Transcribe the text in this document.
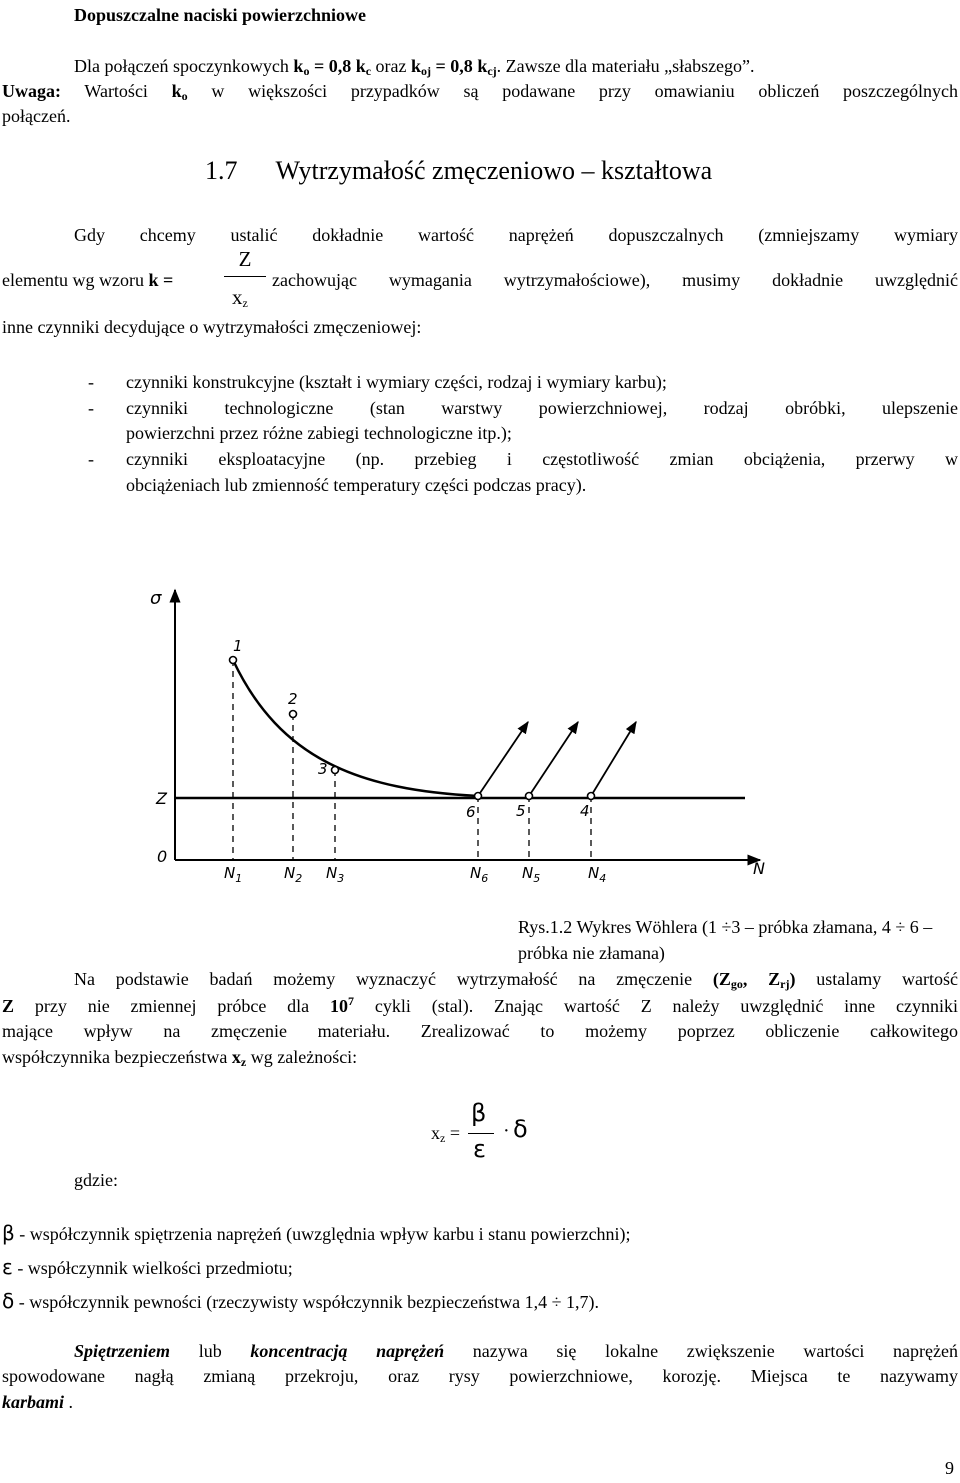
Dopuszczalne naciski powierzchniowe
Dla połączeń spoczynkowych $k_o = 0,8$ $k_c$ oraz $k_{oj} = 0,8$ $k_{cj}$. Zawsze dla materiału „słabszego”.
Uwaga: Wartości $k_o$ w większości przypadków są podawane przy omawianiu obliczeń poszczególnych
połączeń.
1.7 Wytrzymałość zmęczeniowo – kształtowa
Gdy chcemy ustalić dokładnie wartość naprężeń dopuszczalnych (zmniejszamy wymiary
elementu wg wzoru k =
Z
$x_z$
zachowując wymagania wytrzymałościowe), musimy dokładnie uwzględnić
inne czynniki decydujące o wytrzymałości zmęczeniowej:
- czynniki konstrukcyjne (kształt i wymiary części, rodzaj i wymiary karbu);
- czynniki technologiczne (stan warstwy powierzchniowej, rodzaj obróbki, ulepszenie
powierzchni przez różne zabiegi technologiczne itp.);
- czynniki eksploatacyjne (np. przebieg i częstotliwość zmian obciążenia, przerwy w
obciążeniach lub zmienność temperatury części podczas pracy).
σ
0
Z
N
1
2
3
6	5	4
$N_1$	$N_2$ $N_3$	$N_6$ $N_5$	$N_4$
Rys.1.2 Wykres Wöhlera (1 ÷3 – próbka złamana, 4 ÷ 6 – próbka nie złamana)
Na podstawie badań możemy wyznaczyć wytrzymałość na zmęczenie ($Z_{go}$, $Z_{rj}$) ustalamy wartość
Z przy nie zmiennej próbce dla $10^7$ cykli (stal). Znając wartość Z należy uwzględnić inne czynniki
mające wpływ na zmęczenie materiału. Zrealizować to możemy poprzez obliczenie całkowitego
współczynnika bezpieczeństwa $x_z$ wg zależności:
$x_z$ =
β
ε
· δ
gdzie:
β - współczynnik spiętrzenia naprężeń (uwzględnia wpływ karbu i stanu powierzchni);
ε - współczynnik wielkości przedmiotu;
δ - współczynnik pewności (rzeczywisty współczynnik bezpieczeństwa 1,4 ÷ 1,7).
Spiętrzeniem lub koncentracją naprężeń nazywa się lokalne zwiększenie wartości naprężeń
spowodowane nagłą zmianą przekroju, oraz rysy powierzchniowe, korozję. Miejsca te nazywamy
karbami .
9
